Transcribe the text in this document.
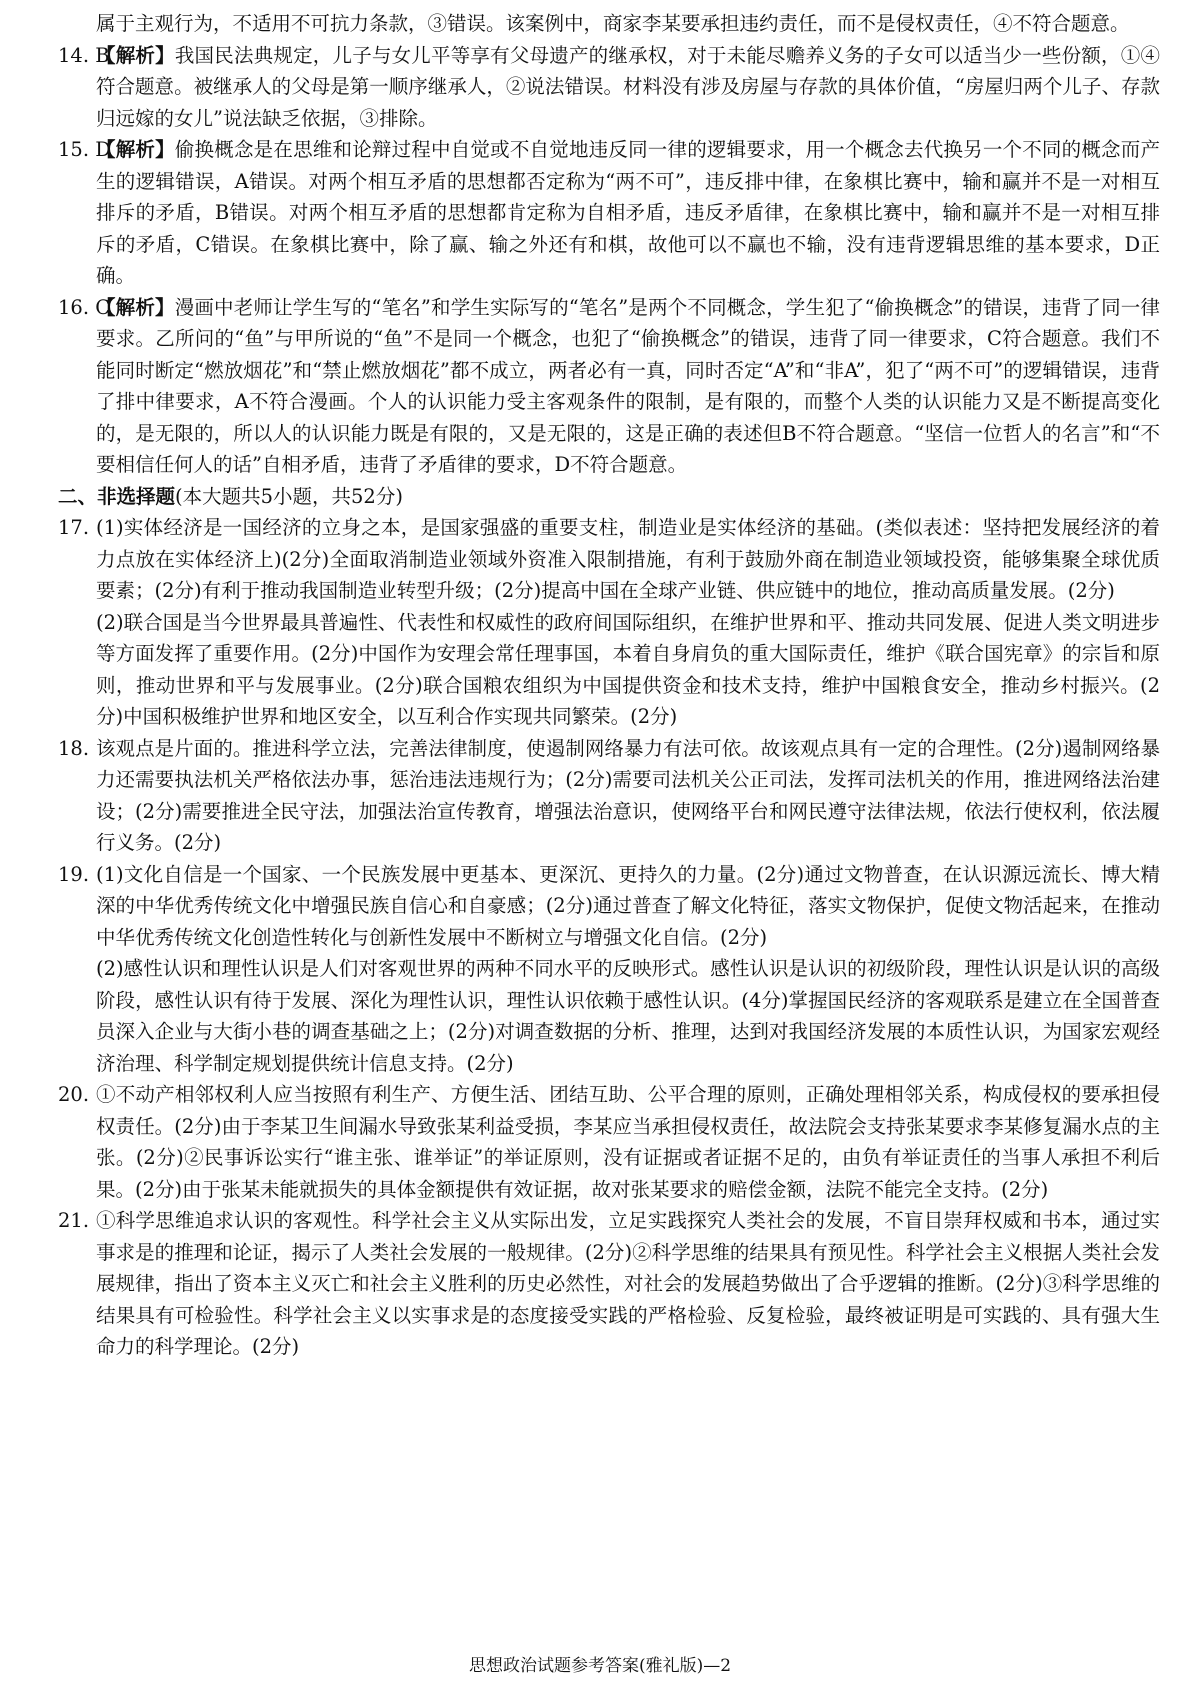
属于主观行为，不适用不可抗力条款，③错误。该案例中，商家李某要承担违约责任，而不是侵权责任，④不符合题意。

14. B
【解析】我国民法典规定，儿子与女儿平等享有父母遗产的继承权，对于未能尽赡养义务的子女可以适当少一些份额，①④符合题意。被继承人的父母是第一顺序继承人，②说法错误。材料没有涉及房屋与存款的具体价值，“房屋归两个儿子、存款归远嫁的女儿”说法缺乏依据，③排除。

15. D
【解析】偷换概念是在思维和论辩过程中自觉或不自觉地违反同一律的逻辑要求，用一个概念去代换另一个不同的概念而产生的逻辑错误，A错误。对两个相互矛盾的思想都否定称为“两不可”，违反排中律，在象棋比赛中，输和赢并不是一对相互排斥的矛盾，B错误。对两个相互矛盾的思想都肯定称为自相矛盾，违反矛盾律，在象棋比赛中，输和赢并不是一对相互排斥的矛盾，C错误。在象棋比赛中，除了赢、输之外还有和棋，故他可以不赢也不输，没有违背逻辑思维的基本要求，D正确。

16. C
【解析】漫画中老师让学生写的“笔名”和学生实际写的“笔名”是两个不同概念，学生犯了“偷换概念”的错误，违背了同一律要求。乙所问的“鱼”与甲所说的“鱼”不是同一个概念，也犯了“偷换概念”的错误，违背了同一律要求，C符合题意。我们不能同时断定“燃放烟花”和“禁止燃放烟花”都不成立，两者必有一真，同时否定“A”和“非A”，犯了“两不可”的逻辑错误，违背了排中律要求，A不符合漫画。个人的认识能力受主客观条件的限制，是有限的，而整个人类的认识能力又是不断提高变化的，是无限的，所以人的认识能力既是有限的，又是无限的，这是正确的表述但B不符合题意。“坚信一位哲人的名言”和“不要相信任何人的话”自相矛盾，违背了矛盾律的要求，D不符合题意。

二、非选择题(本大题共5小题，共52分)

17. (1)实体经济是一国经济的立身之本，是国家强盛的重要支柱，制造业是实体经济的基础。(类似表述：坚持把发展经济的着力点放在实体经济上)(2分)全面取消制造业领域外资准入限制措施，有利于鼓励外商在制造业领域投资，能够集聚全球优质要素；(2分)有利于推动我国制造业转型升级；(2分)提高中国在全球产业链、供应链中的地位，推动高质量发展。(2分)

(2)联合国是当今世界最具普遍性、代表性和权威性的政府间国际组织，在维护世界和平、推动共同发展、促进人类文明进步等方面发挥了重要作用。(2分)中国作为安理会常任理事国，本着自身肩负的重大国际责任，维护《联合国宪章》的宗旨和原则，推动世界和平与发展事业。(2分)联合国粮农组织为中国提供资金和技术支持，维护中国粮食安全，推动乡村振兴。(2分)中国积极维护世界和地区安全，以互利合作实现共同繁荣。(2分)

18. 该观点是片面的。推进科学立法，完善法律制度，使遏制网络暴力有法可依。故该观点具有一定的合理性。(2分)遏制网络暴力还需要执法机关严格依法办事，惩治违法违规行为；(2分)需要司法机关公正司法，发挥司法机关的作用，推进网络法治建设；(2分)需要推进全民守法，加强法治宣传教育，增强法治意识，使网络平台和网民遵守法律法规，依法行使权利，依法履行义务。(2分)

19. (1)文化自信是一个国家、一个民族发展中更基本、更深沉、更持久的力量。(2分)通过文物普查，在认识源远流长、博大精深的中华优秀传统文化中增强民族自信心和自豪感；(2分)通过普查了解文化特征，落实文物保护，促使文物活起来，在推动中华优秀传统文化创造性转化与创新性发展中不断树立与增强文化自信。(2分)

(2)感性认识和理性认识是人们对客观世界的两种不同水平的反映形式。感性认识是认识的初级阶段，理性认识是认识的高级阶段，感性认识有待于发展、深化为理性认识，理性认识依赖于感性认识。(4分)掌握国民经济的客观联系是建立在全国普查员深入企业与大街小巷的调查基础之上；(2分)对调查数据的分析、推理，达到对我国经济发展的本质性认识，为国家宏观经济治理、科学制定规划提供统计信息支持。(2分)

20. ①不动产相邻权利人应当按照有利生产、方便生活、团结互助、公平合理的原则，正确处理相邻关系，构成侵权的要承担侵权责任。(2分)由于李某卫生间漏水导致张某利益受损，李某应当承担侵权责任，故法院会支持张某要求李某修复漏水点的主张。(2分)②民事诉讼实行“谁主张、谁举证”的举证原则，没有证据或者证据不足的，由负有举证责任的当事人承担不利后果。(2分)由于张某未能就损失的具体金额提供有效证据，故对张某要求的赔偿金额，法院不能完全支持。(2分)

21. ①科学思维追求认识的客观性。科学社会主义从实际出发，立足实践探究人类社会的发展，不盲目崇拜权威和书本，通过实事求是的推理和论证，揭示了人类社会发展的一般规律。(2分)②科学思维的结果具有预见性。科学社会主义根据人类社会发展规律，指出了资本主义灭亡和社会主义胜利的历史必然性，对社会的发展趋势做出了合乎逻辑的推断。(2分)③科学思维的结果具有可检验性。科学社会主义以实事求是的态度接受实践的严格检验、反复检验，最终被证明是可实践的、具有强大生命力的科学理论。(2分)

思想政治试题参考答案(雅礼版)—2
